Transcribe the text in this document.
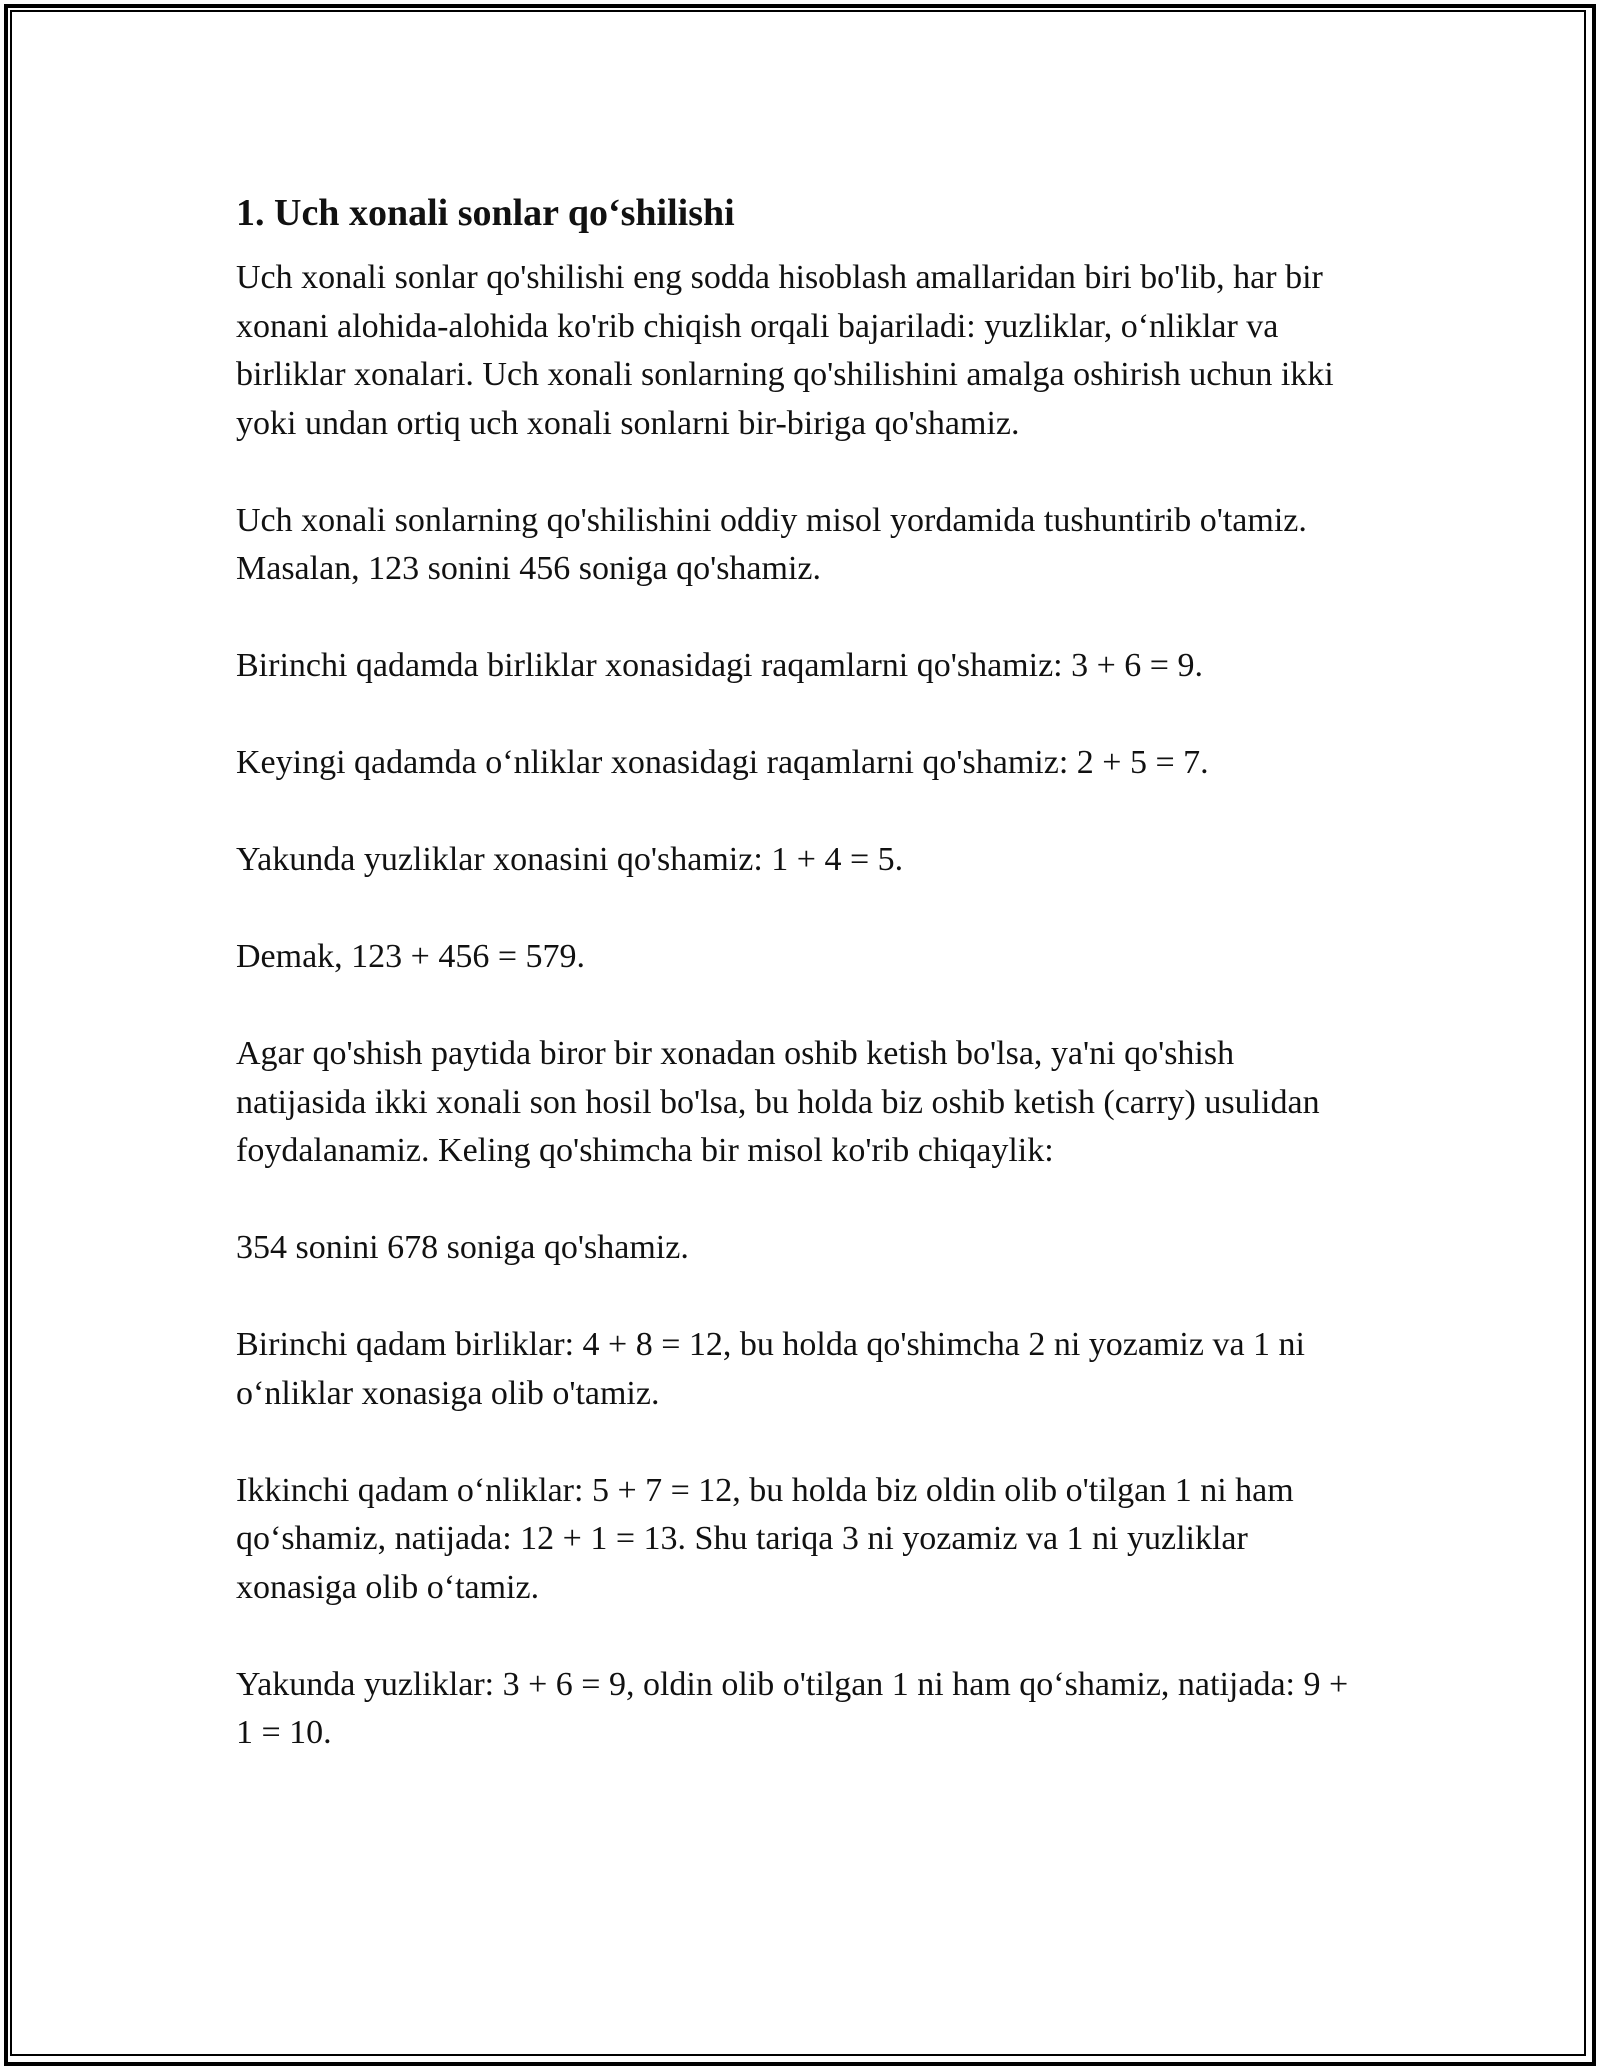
1. Uch xonali sonlar qo‘shilishi

Uch xonali sonlar qo'shilishi eng sodda hisoblash amallaridan biri bo'lib, har bir xonani alohida-alohida ko'rib chiqish orqali bajariladi: yuzliklar, o‘nliklar va birliklar xonalari. Uch xonali sonlarning qo'shilishini amalga oshirish uchun ikki yoki undan ortiq uch xonali sonlarni bir-biriga qo'shamiz.

Uch xonali sonlarning qo'shilishini oddiy misol yordamida tushuntirib o'tamiz. Masalan, 123 sonini 456 soniga qo'shamiz.

Birinchi qadamda birliklar xonasidagi raqamlarni qo'shamiz: 3 + 6 = 9.

Keyingi qadamda o‘nliklar xonasidagi raqamlarni qo'shamiz: 2 + 5 = 7.

Yakunda yuzliklar xonasini qo'shamiz: 1 + 4 = 5.

Demak, 123 + 456 = 579.

Agar qo'shish paytida biror bir xonadan oshib ketish bo'lsa, ya'ni qo'shish natijasida ikki xonali son hosil bo'lsa, bu holda biz oshib ketish (carry) usulidan foydalanamiz. Keling qo'shimcha bir misol ko'rib chiqaylik:

354 sonini 678 soniga qo'shamiz.

Birinchi qadam birliklar: 4 + 8 = 12, bu holda qo'shimcha 2 ni yozamiz va 1 ni o‘nliklar xonasiga olib o'tamiz.

Ikkinchi qadam o‘nliklar: 5 + 7 = 12, bu holda biz oldin olib o'tilgan 1 ni ham qo‘shamiz, natijada: 12 + 1 = 13. Shu tariqa 3 ni yozamiz va 1 ni yuzliklar xonasiga olib o‘tamiz.

Yakunda yuzliklar: 3 + 6 = 9, oldin olib o'tilgan 1 ni ham qo‘shamiz, natijada: 9 + 1 = 10.
